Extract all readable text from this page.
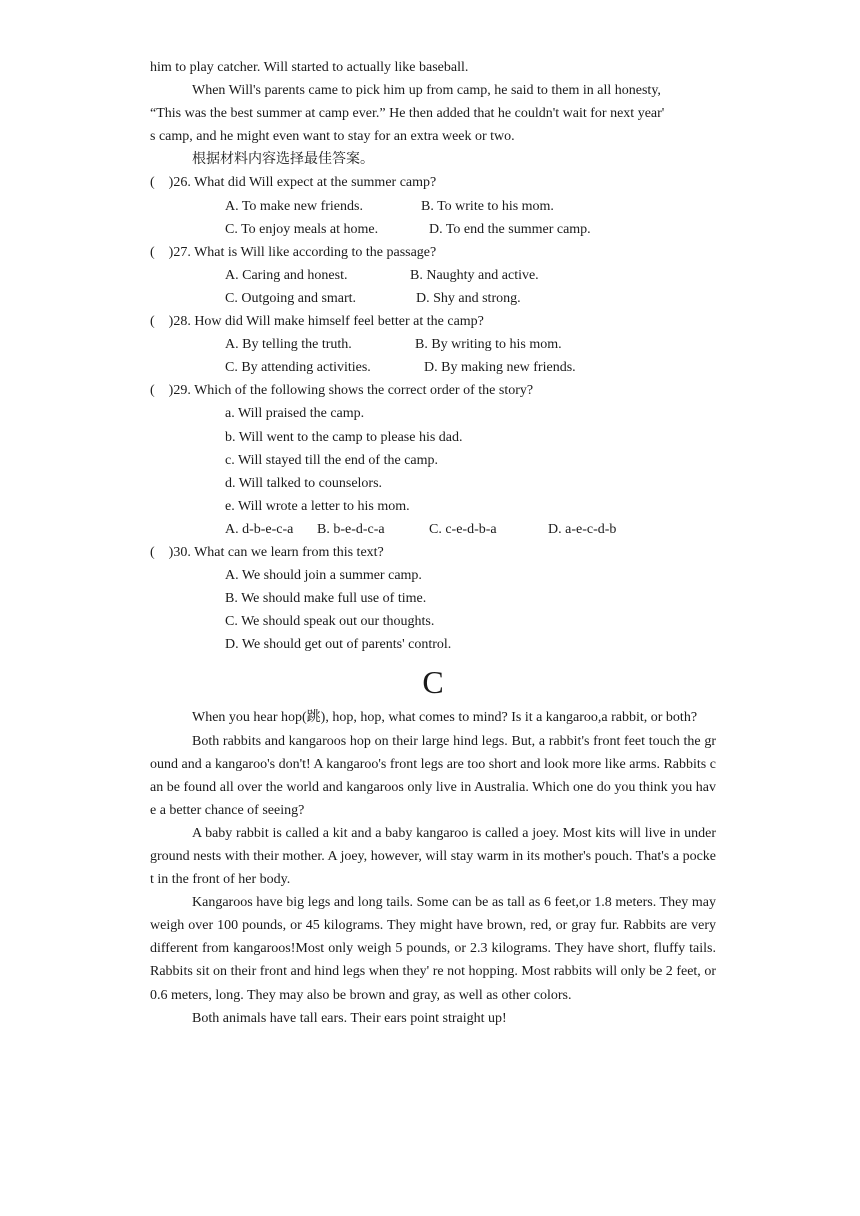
him to play catcher. Will started to actually like baseball.
When Will's parents came to pick him up from camp, he said to them in all honesty,
“This was the best summer at camp ever.” He then added that he couldn't wait for next year'
s camp, and he might even want to stay for an extra week or two.
根据材料内容选择最佳答案。
(　)26. What did Will expect at the summer camp?
A. To make new friends.	B. To write to his mom.
C. To enjoy meals at home.	D. To end the summer camp.
(　)27. What is Will like according to the passage?
A. Caring and honest.	B. Naughty and active.
C. Outgoing and smart.	D. Shy and strong.
(　)28. How did Will make himself feel better at the camp?
A. By telling the truth.	B. By writing to his mom.
C. By attending activities.	D. By making new friends.
(　)29. Which of the following shows the correct order of the story?
a. Will praised the camp.
b. Will went to the camp to please his dad.
c. Will stayed till the end of the camp.
d. Will talked to counselors.
e. Will wrote a letter to his mom.
A. d-b-e-c-a	B. b-e-d-c-a	C. c-e-d-b-a	D. a-e-c-d-b
(　)30. What can we learn from this text?
A. We should join a summer camp.
B. We should make full use of time.
C. We should speak out our thoughts.
D. We should get out of parents' control.
C

When you hear hop(跳), hop, hop, what comes to mind? Is it a kangaroo,a rabbit, or both?

Both rabbits and kangaroos hop on their large hind legs. But, a rabbit's front feet touch the ground and a kangaroo's don't! A kangaroo's front legs are too short and look more like arms. Rabbits can be found all over the world and kangaroos only live in Australia. Which one do you think you have a better chance of seeing?

A baby rabbit is called a kit and a baby kangaroo is called a joey. Most kits will live in underground nests with their mother. A joey, however, will stay warm in its mother's pouch. That's a pocket in the front of her body.

Kangaroos have big legs and long tails. Some can be as tall as 6 feet,or 1.8 meters. They may weigh over 100 pounds, or 45 kilograms. They might have brown, red, or gray fur. Rabbits are very different from kangaroos!Most only weigh 5 pounds, or 2.3 kilograms. They have short, fluffy tails.Rabbits sit on their front and hind legs when they' re not hopping. Most rabbits will only be 2 feet, or 0.6 meters, long. They may also be brown and gray, as well as other colors.

Both animals have tall ears. Their ears point straight up!
